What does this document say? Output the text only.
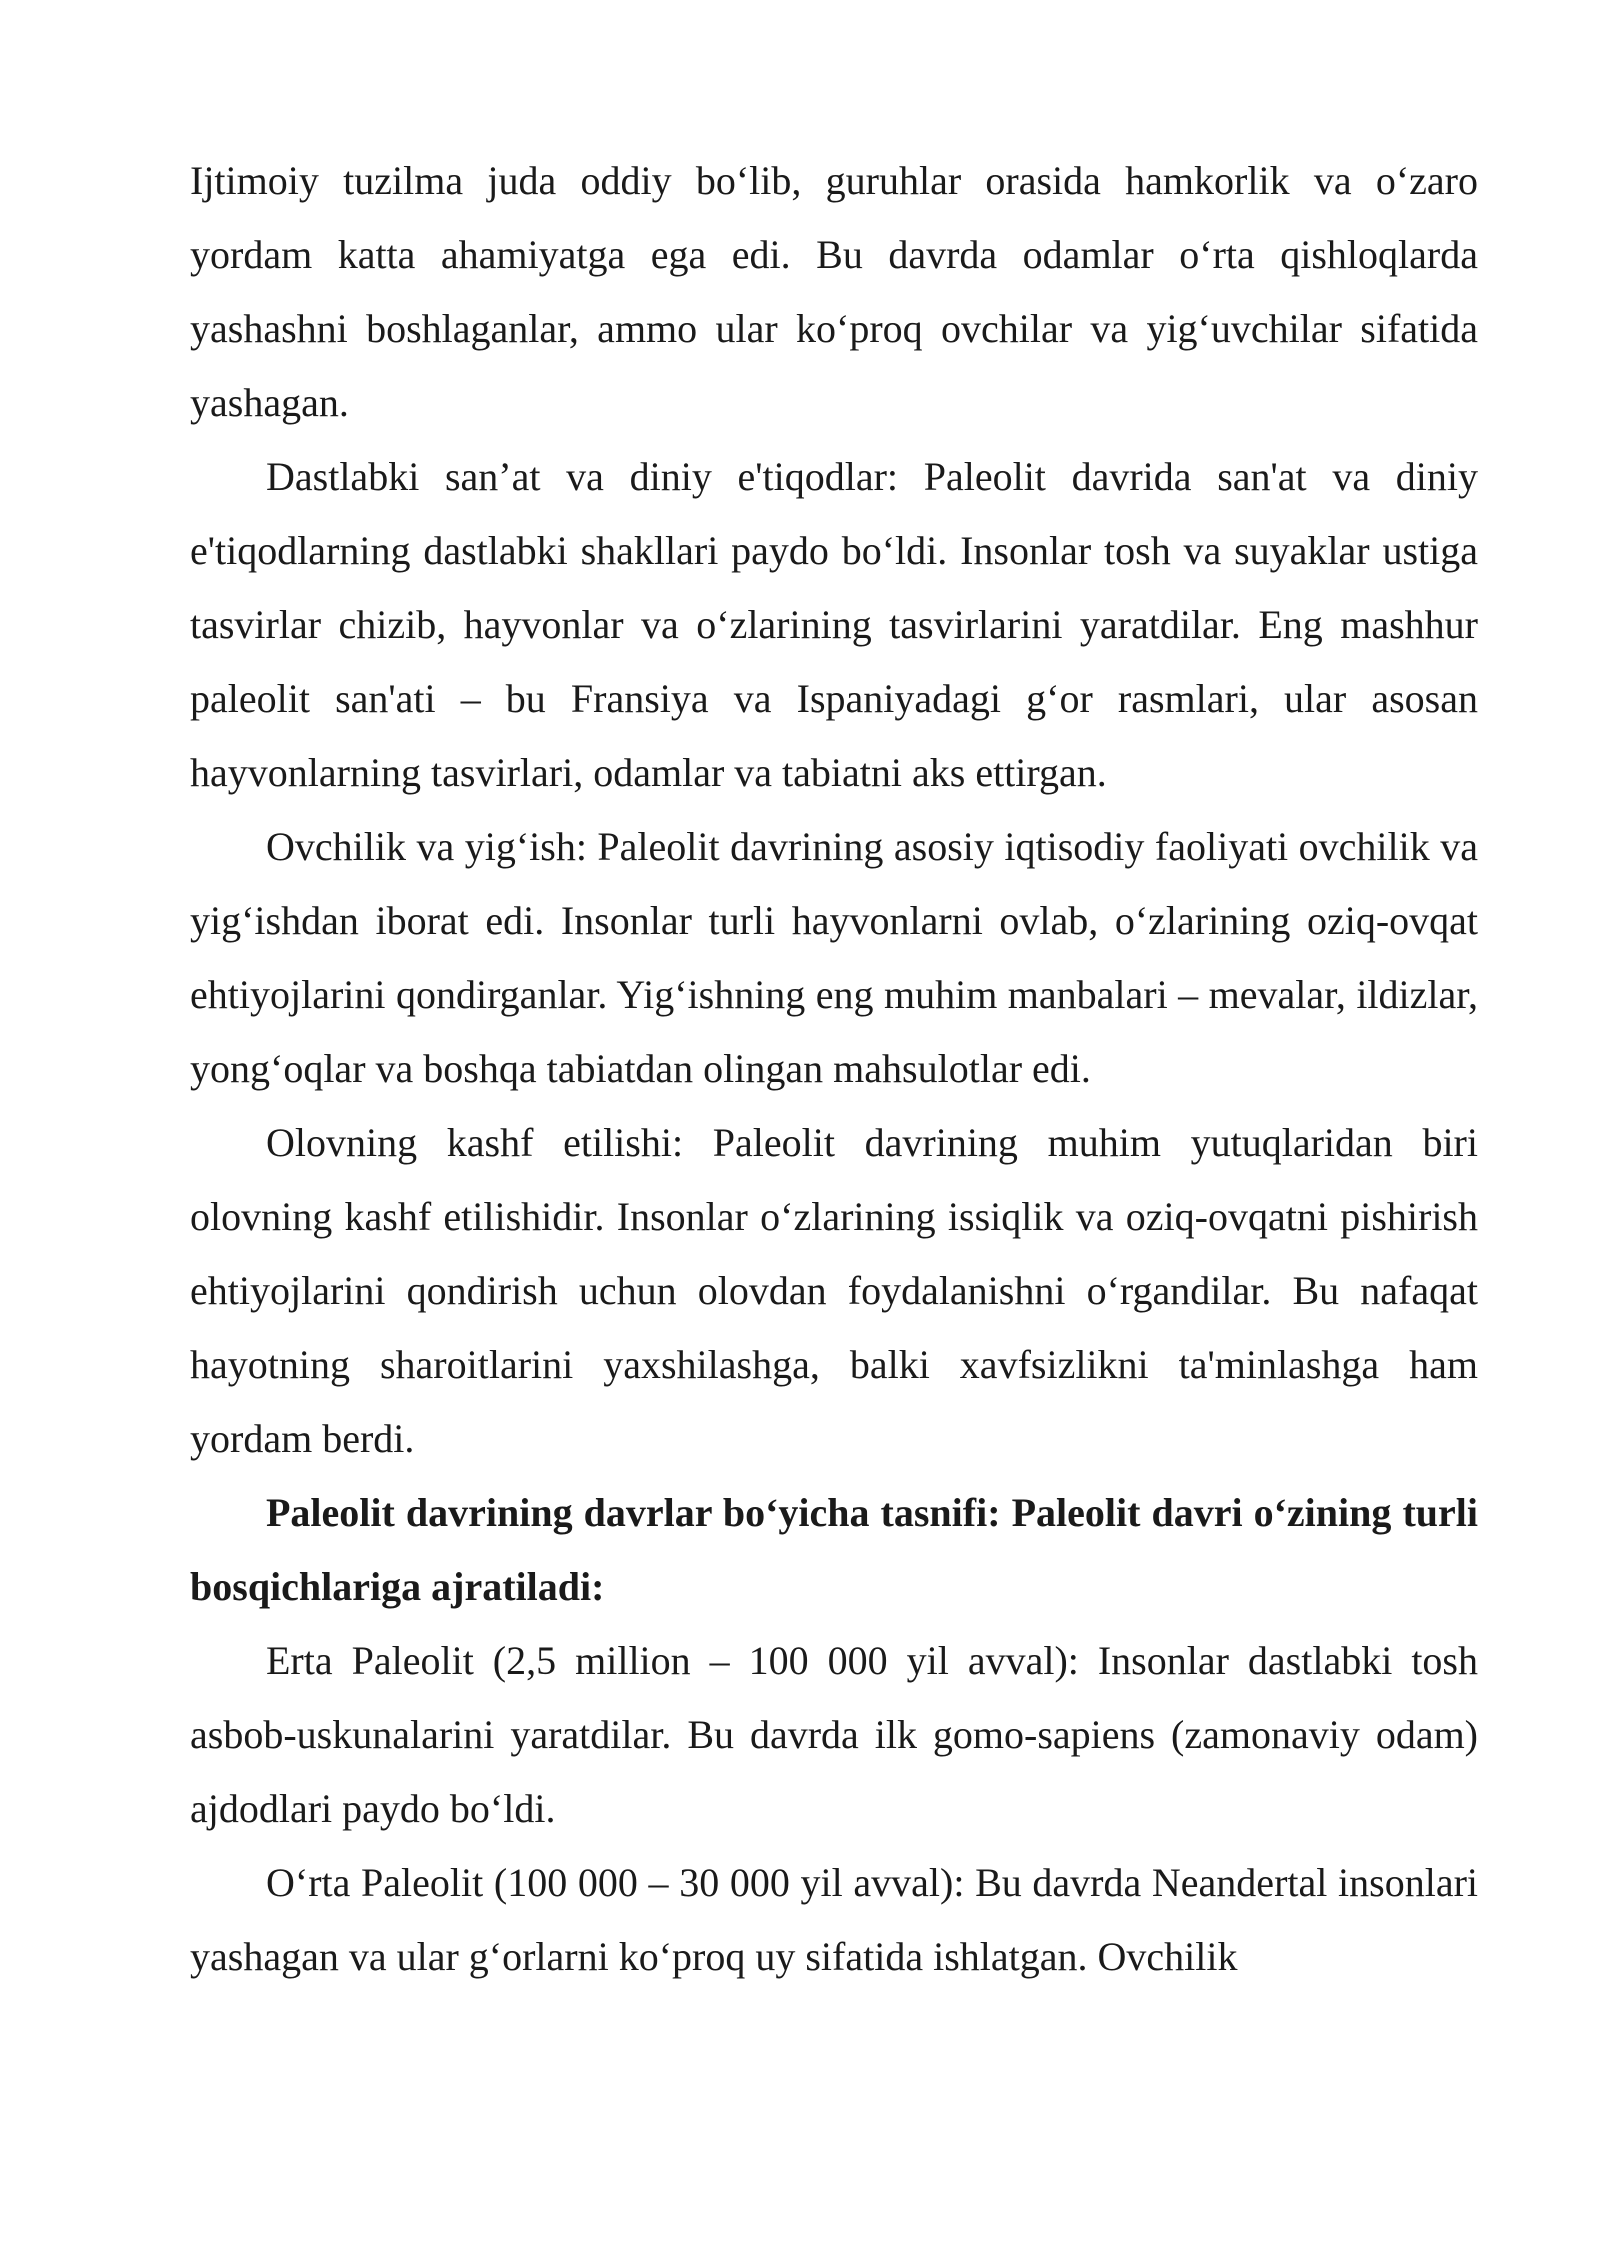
Ijtimoiy tuzilma juda oddiy bo‘lib, guruhlar orasida hamkorlik va o‘zaro yordam katta ahamiyatga ega edi. Bu davrda odamlar o‘rta qishloqlarda yashashni boshlaganlar, ammo ular ko‘proq ovchilar va yig‘uvchilar sifatida yashagan.

Dastlabki san’at va diniy e'tiqodlar: Paleolit davrida san'at va diniy e'tiqodlarning dastlabki shakllari paydo bo‘ldi. Insonlar tosh va suyaklar ustiga tasvirlar chizib, hayvonlar va o‘zlarining tasvirlarini yaratdilar. Eng mashhur paleolit san'ati – bu Fransiya va Ispaniyadagi g‘or rasmlari, ular asosan hayvonlarning tasvirlari, odamlar va tabiatni aks ettirgan.

Ovchilik va yig‘ish: Paleolit davrining asosiy iqtisodiy faoliyati ovchilik va yig‘ishdan iborat edi. Insonlar turli hayvonlarni ovlab, o‘zlarining oziq-ovqat ehtiyojlarini qondirganlar. Yig‘ishning eng muhim manbalari – mevalar, ildizlar, yong‘oqlar va boshqa tabiatdan olingan mahsulotlar edi.

Olovning kashf etilishi: Paleolit davrining muhim yutuqlaridan biri olovning kashf etilishidir. Insonlar o‘zlarining issiqlik va oziq-ovqatni pishirish ehtiyojlarini qondirish uchun olovdan foydalanishni o‘rgandilar. Bu nafaqat hayotning sharoitlarini yaxshilashga, balki xavfsizlikni ta'minlashga ham yordam berdi.

Paleolit davrining davrlar bo‘yicha tasnifi: Paleolit davri o‘zining turli bosqichlariga ajratiladi:

Erta Paleolit (2,5 million – 100 000 yil avval): Insonlar dastlabki tosh asbob-uskunalarini yaratdilar. Bu davrda ilk gomo-sapiens (zamonaviy odam) ajdodlari paydo bo‘ldi.

O‘rta Paleolit (100 000 – 30 000 yil avval): Bu davrda Neandertal insonlari yashagan va ular g‘orlarni ko‘proq uy sifatida ishlatgan. Ovchilik
